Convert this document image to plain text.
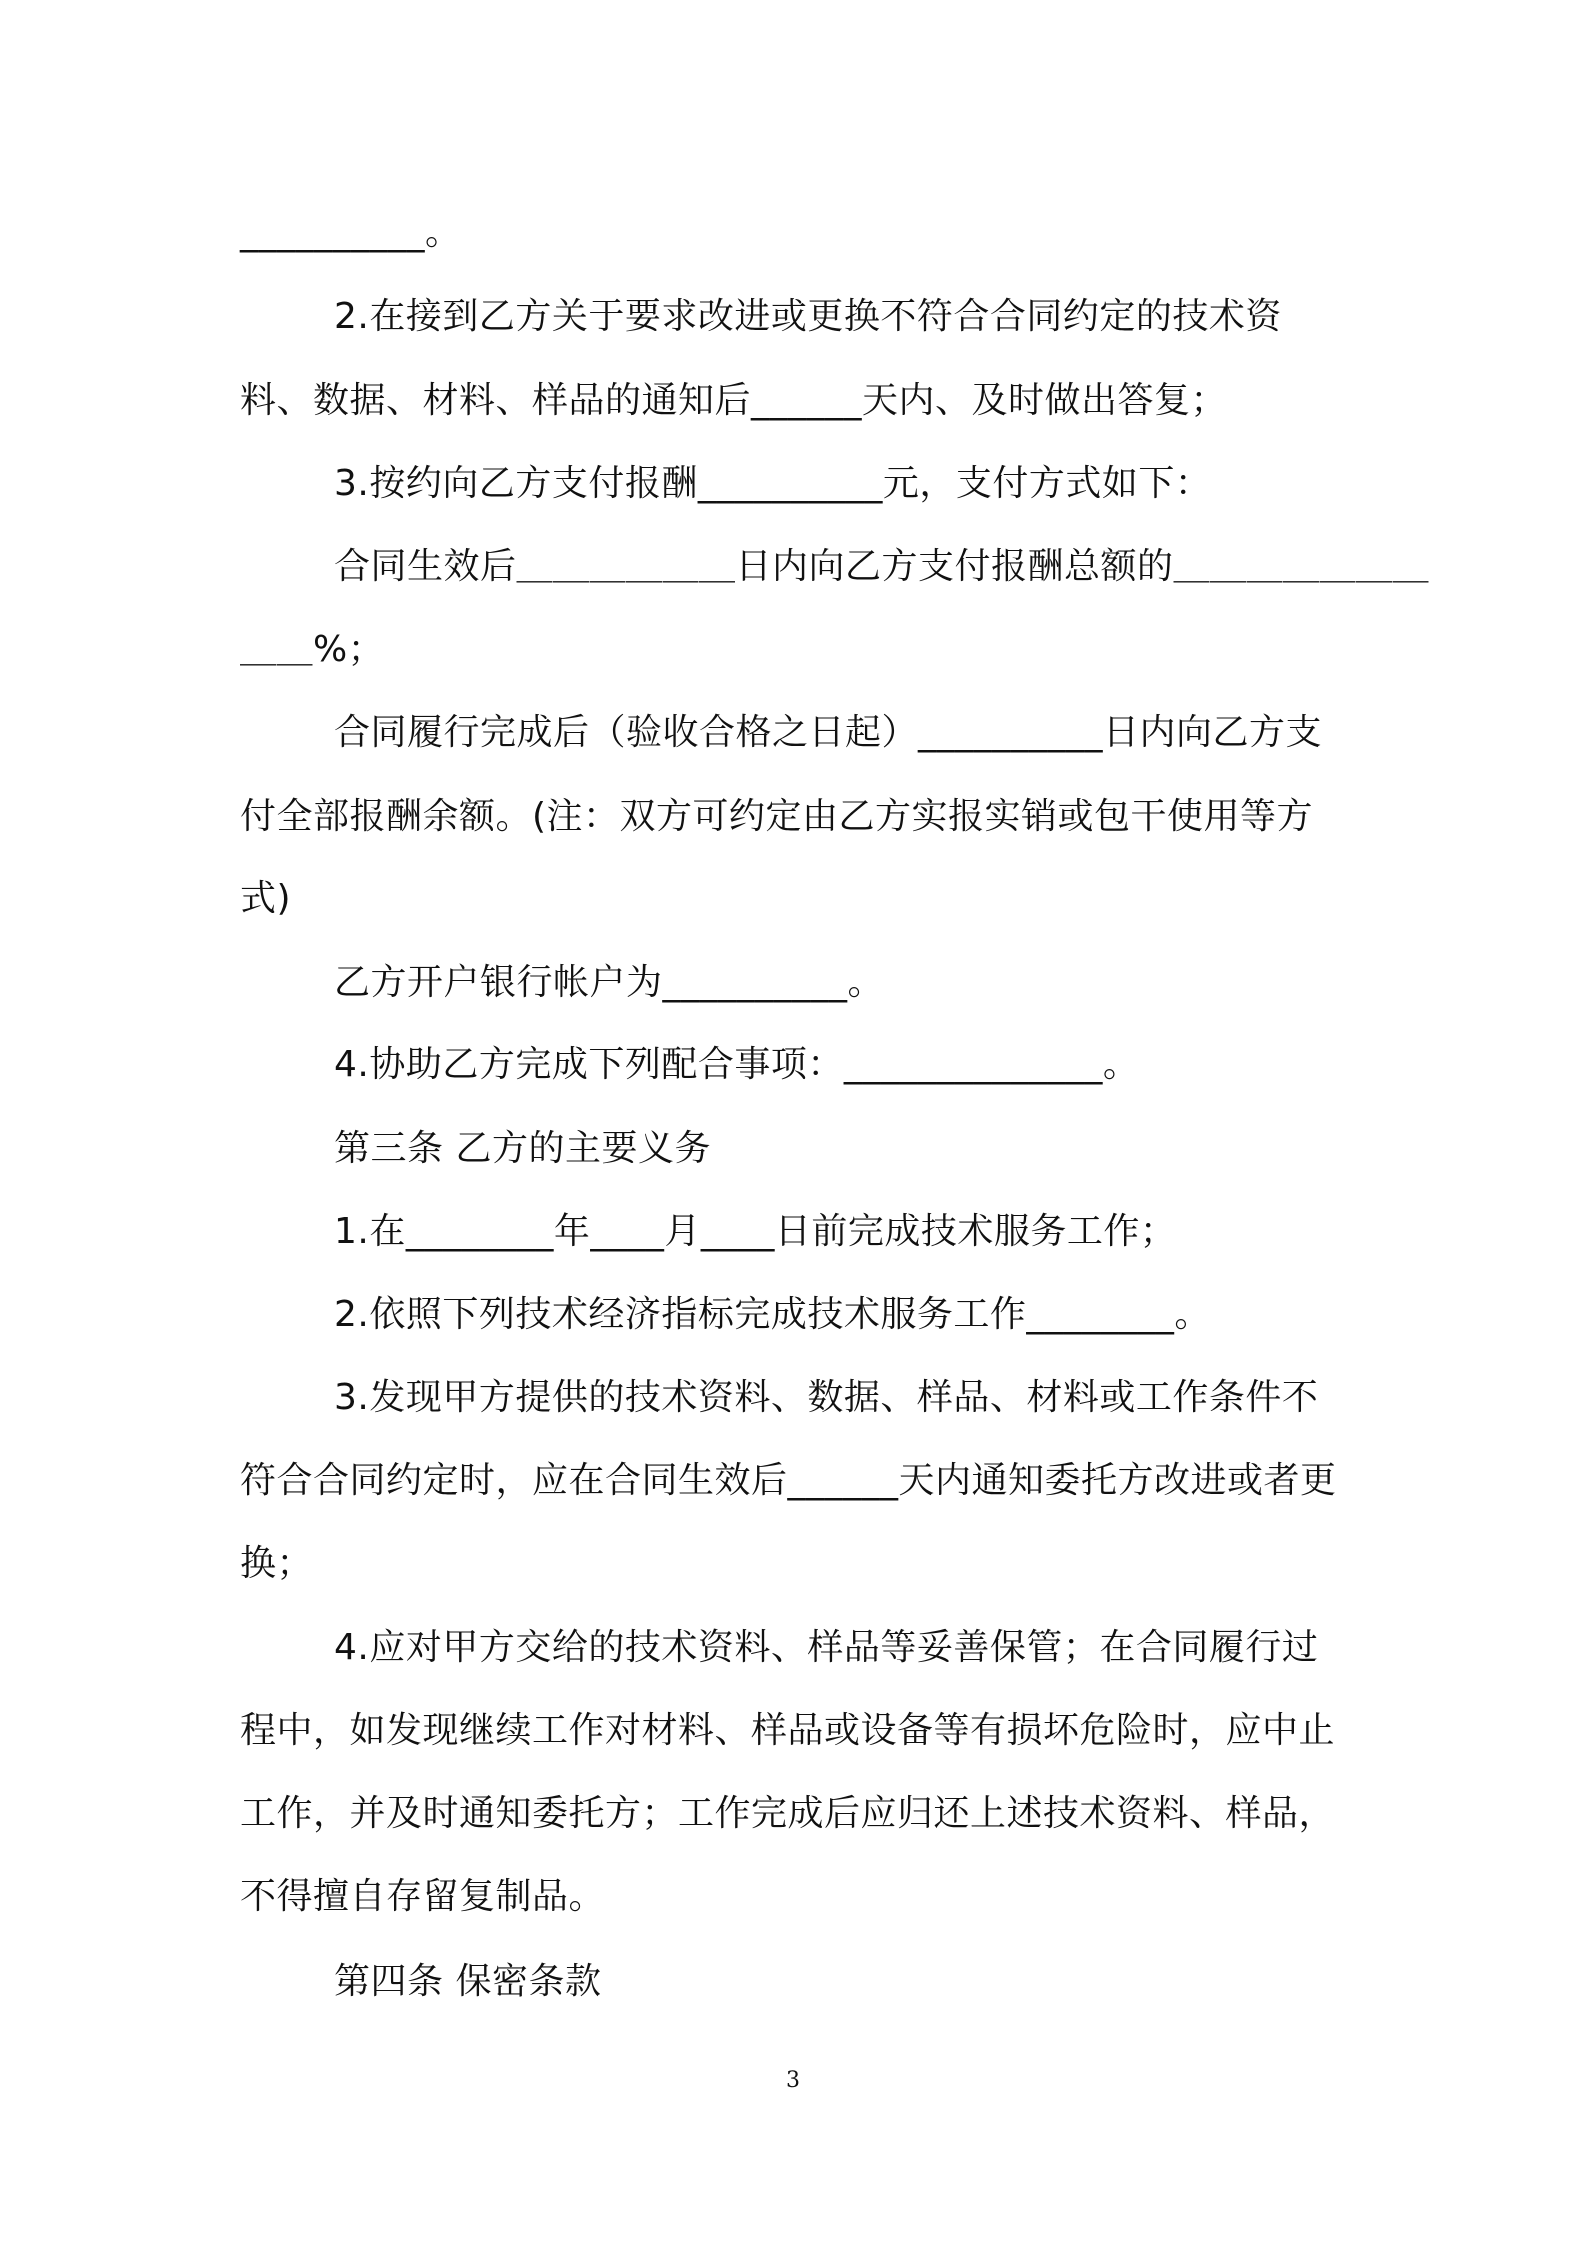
__________。
2.在接到乙方关于要求改进或更换不符合合同约定的技术资
料、数据、材料、样品的通知后______天内、及时做出答复；
3.按约向乙方支付报酬__________元，支付方式如下：
合同生效后＿＿＿＿＿＿日内向乙方支付报酬总额的＿＿＿＿＿＿＿
＿＿%；
合同履行完成后（验收合格之日起）__________日内向乙方支
付全部报酬余额。(注：双方可约定由乙方实报实销或包干使用等方
式)
乙方开户银行帐户为__________。
4.协助乙方完成下列配合事项：______________。
第三条 乙方的主要义务
1.在________年____月____日前完成技术服务工作；
2.依照下列技术经济指标完成技术服务工作________。
3.发现甲方提供的技术资料、数据、样品、材料或工作条件不
符合合同约定时，应在合同生效后______天内通知委托方改进或者更
换；
4.应对甲方交给的技术资料、样品等妥善保管；在合同履行过
程中，如发现继续工作对材料、样品或设备等有损坏危险时，应中止
工作，并及时通知委托方；工作完成后应归还上述技术资料、样品，
不得擅自存留复制品。
第四条 保密条款
3
